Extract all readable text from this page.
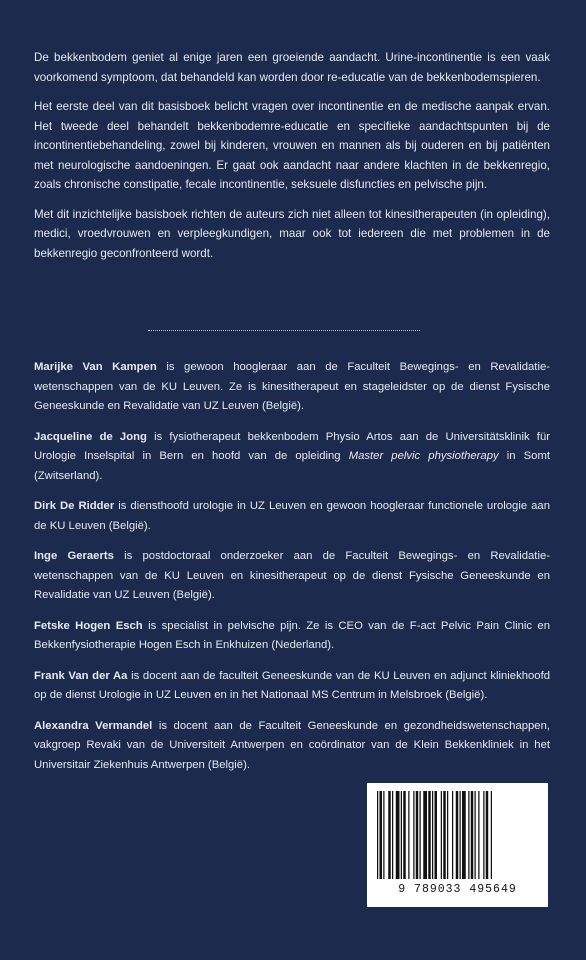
De bekkenbodem geniet al enige jaren een groeiende aandacht. Urine-incontinentie is een vaak voorkomend symptoom, dat behandeld kan worden door re-educatie van de bekkenbodemspieren.

Het eerste deel van dit basisboek belicht vragen over incontinentie en de medische aanpak ervan. Het tweede deel behandelt bekkenbodemre-educatie en specifieke aandachtspunten bij de incontinentiebehandeling, zowel bij kinderen, vrouwen en mannen als bij ouderen en bij patiënten met neurologische aandoeningen. Er gaat ook aandacht naar andere klachten in de bekkenregio, zoals chronische constipatie, fecale incontinentie, seksuele disfuncties en pelvische pijn.

Met dit inzichtelijke basisboek richten de auteurs zich niet alleen tot kinesitherapeuten (in opleiding), medici, vroedvrouwen en verpleegkundigen, maar ook tot iedereen die met problemen in de bekkenregio geconfronteerd wordt.

Marijke Van Kampen is gewoon hoogleraar aan de Faculteit Bewegings- en Revalidatiewetenschappen van de KU Leuven. Ze is kinesitherapeut en stageleidster op de dienst Fysische Geneeskunde en Revalidatie van UZ Leuven (België).

Jacqueline de Jong is fysiotherapeut bekkenbodem Physio Artos aan de Universitätsklinik für Urologie Inselspital in Bern en hoofd van de opleiding Master pelvic physiotherapy in Somt (Zwitserland).

Dirk De Ridder is diensthoofd urologie in UZ Leuven en gewoon hoogleraar functionele urologie aan de KU Leuven (België).

Inge Geraerts is postdoctoraal onderzoeker aan de Faculteit Bewegings- en Revalidatiewetenschappen van de KU Leuven en kinesitherapeut op de dienst Fysische Geneeskunde en Revalidatie van UZ Leuven (België).

Fetske Hogen Esch is specialist in pelvische pijn. Ze is CEO van de F-act Pelvic Pain Clinic en Bekkenfysiotherapie Hogen Esch in Enkhuizen (Nederland).

Frank Van der Aa is docent aan de faculteit Geneeskunde van de KU Leuven en adjunct kliniekhoofd op de dienst Urologie in UZ Leuven en in het Nationaal MS Centrum in Melsbroek (België).

Alexandra Vermandel is docent aan de Faculteit Geneeskunde en gezondheidswetenschappen, vakgroep Revaki van de Universiteit Antwerpen en coördinator van de Klein Bekkenkliniek in het Universitair Ziekenhuis Antwerpen (België).

9 789033 495649
